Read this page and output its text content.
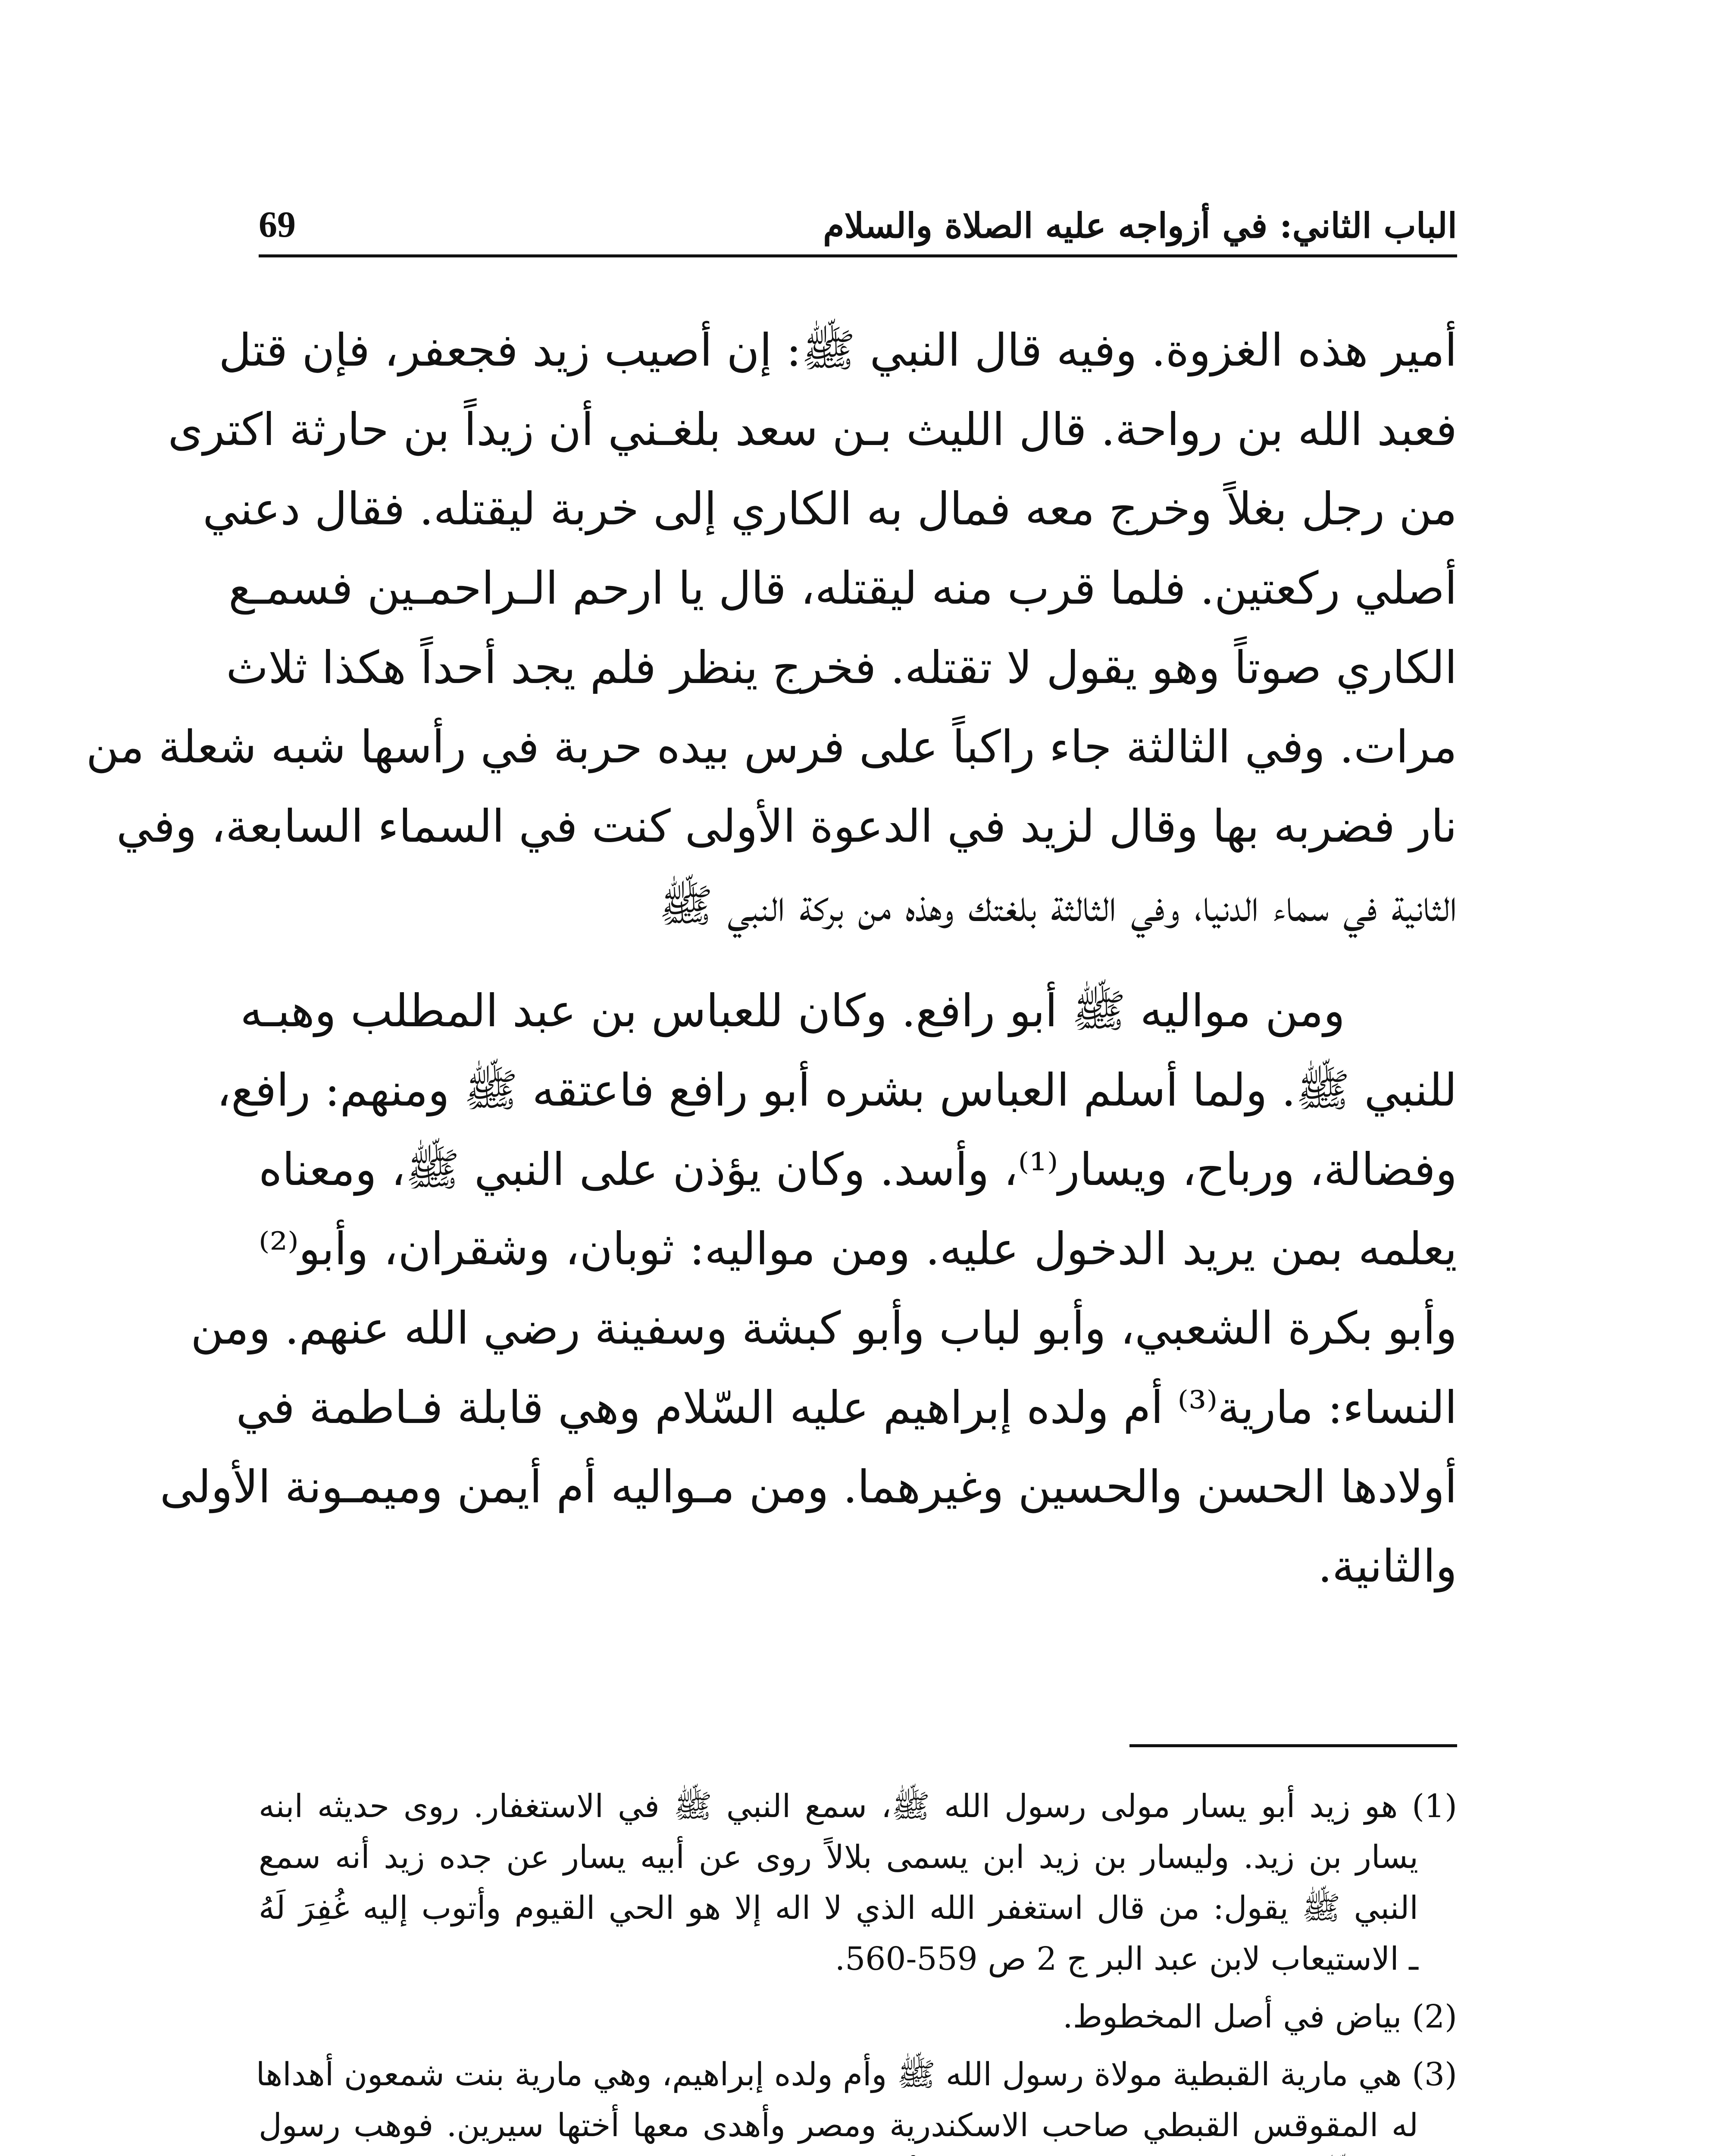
الباب الثاني: في أزواجه عليه الصلاة والسلام
69
أمير هذه الغزوة. وفيه قال النبي ﷺ: إن أصيب زيد فجعفر، فإن قتل
فعبد الله بن رواحة. قال الليث بـن سعد بلغـني أن زيداً بن حارثة اكترى
من رجل بغلاً وخرج معه فمال به الكاري إلى خربة ليقتله. فقال دعني
أصلي ركعتين. فلما قرب منه ليقتله، قال يا ارحم الـراحمـين فسمـع
الكاري صوتاً وهو يقول لا تقتله. فخرج ينظر فلم يجد أحداً هكذا ثلاث
مرات. وفي الثالثة جاء راكباً على فرس بيده حربة في رأسها شبه شعلة من
نار فضربه بها وقال لزيد في الدعوة الأولى كنت في السماء السابعة، وفي
الثانية في سماء الدنيا، وفي الثالثة بلغتك وهذه من بركة النبي ﷺ
ومن مواليه ﷺ أبو رافع. وكان للعباس بن عبد المطلب وهبـه
للنبي ﷺ. ولما أسلم العباس بشره أبو رافع فاعتقه ﷺ ومنهم: رافع،
وفضالة، ورباح، ويسار⁽¹⁾، وأسد. وكان يؤذن على النبي ﷺ، ومعناه
يعلمه بمن يريد الدخول عليه. ومن مواليه: ثوبان، وشقران، وأبو⁽²⁾
وأبو بكرة الشعبي، وأبو لباب وأبو كبشة وسفينة رضي الله عنهم. ومن
النساء: مارية⁽³⁾ أم ولده إبراهيم عليه السّلام وهي قابلة فـاطمة في
أولادها الحسن والحسين وغيرهما. ومن مـواليه أم أيمن وميمـونة الأولى
والثانية.
(1) هو زيد أبو يسار مولى رسول الله ﷺ، سمع النبي ﷺ في الاستغفار. روى حديثه ابنه
يسار بن زيد. وليسار بن زيد ابن يسمى بلالاً روى عن أبيه يسار عن جده زيد أنه سمع
النبي ﷺ يقول: من قال استغفر الله الذي لا اله إلا هو الحي القيوم وأتوب إليه غُفِرَ لَهُ
ـ الاستيعاب لابن عبد البر ج 2 ص 559-560.
(2) بياض في أصل المخطوط.
(3) هي مارية القبطية مولاة رسول الله ﷺ وأم ولده إبراهيم، وهي مارية بنت شمعون أهداها
له المقوقس القبطي صاحب الاسكندرية ومصر وأهدى معها أختها سيرين. فوهب رسول
